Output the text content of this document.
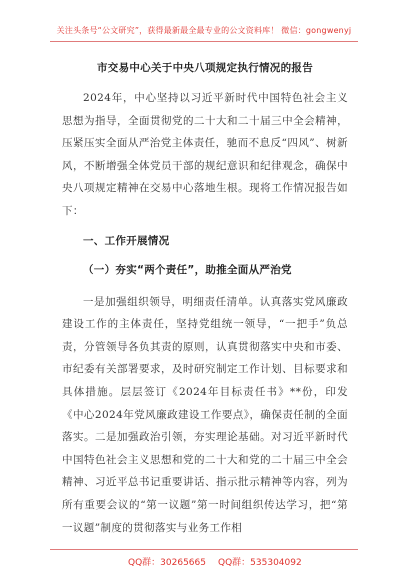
关注头条号“公文研究”，获得最新最全最专业的公文资料库！ 微信：gongwenyj
市交易中心关于中央八项规定执行情况的报告

2024年，中心坚持以习近平新时代中国特色社会主义思想为指导，全面贯彻党的二十大和二十届三中全会精神，压紧压实全面从严治党主体责任，驰而不息反“四风”、树新风，不断增强全体党员干部的规纪意识和纪律观念，确保中央八项规定精神在交易中心落地生根。现将工作情况报告如下：

一、工作开展情况
（一）夯实“两个责任”，助推全面从严治党

一是加强组织领导，明细责任清单。认真落实党风廉政建设工作的主体责任，坚持党组统一领导，“一把手”负总责，分管领导各负其责的原则，认真贯彻落实中央和市委、市纪委有关部署要求，及时研究制定工作计划、目标要求和具体措施。层层签订《2024年目标责任书》**份，印发《中心2024年党风廉政建设工作要点》，确保责任制的全面落实。二是加强政治引领，夯实理论基础。对习近平新时代中国特色社会主义思想和党的二十大和党的二十届三中全会精神、习近平总书记重要讲话、指示批示精神等内容，列为所有重要会议的“第一议题”第一时间组织传达学习，把“第一议题”制度的贯彻落实与业务工作相

QQ群：30265665 QQ群：535304092
